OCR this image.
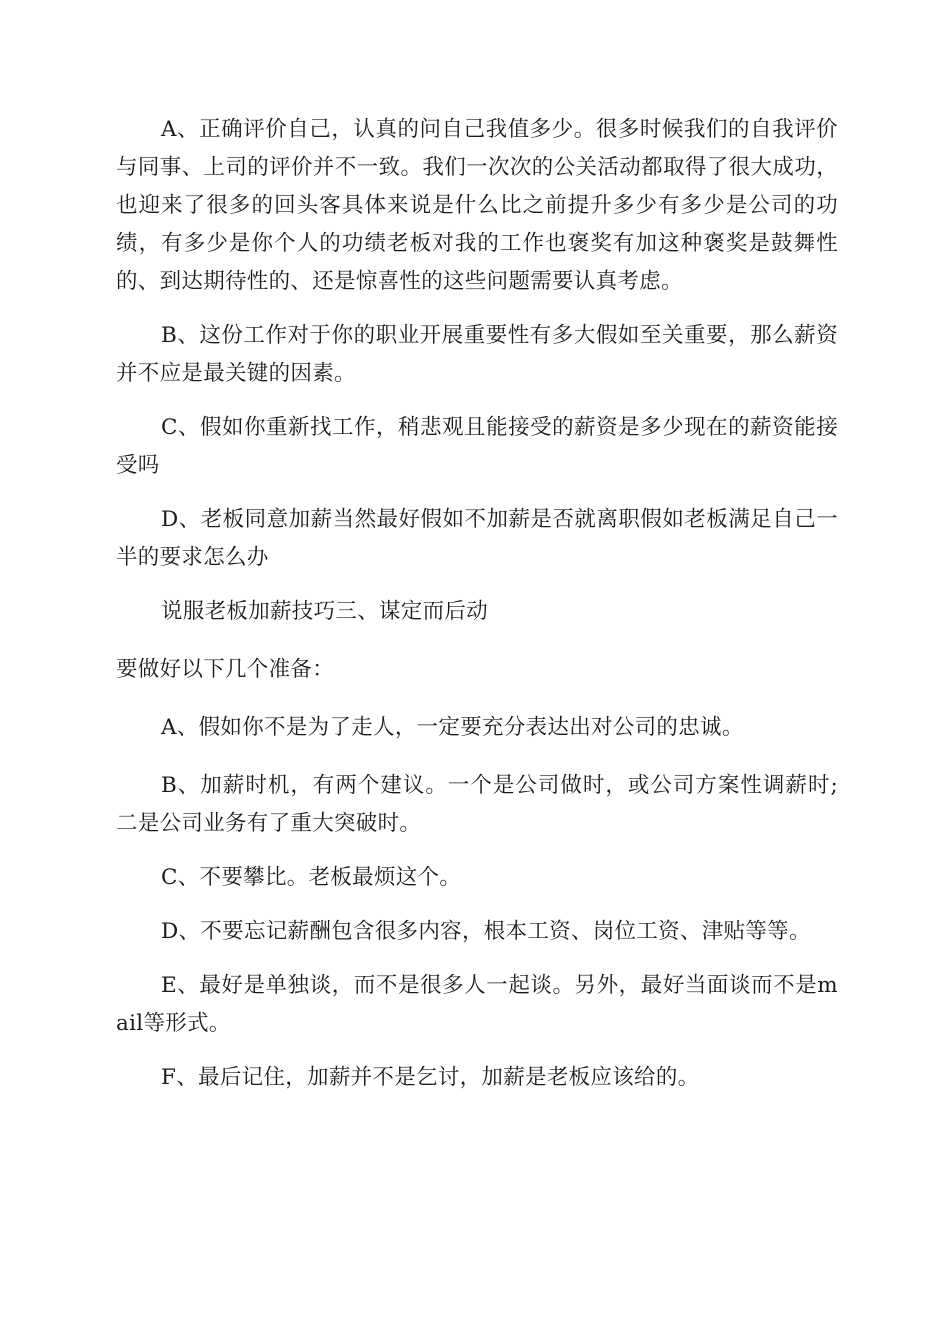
A、正确评价自己，认真的问自己我值多少。很多时候我们的自我评价与同事、上司的评价并不一致。我们一次次的公关活动都取得了很大成功，也迎来了很多的回头客具体来说是什么比之前提升多少有多少是公司的功绩，有多少是你个人的功绩老板对我的工作也褒奖有加这种褒奖是鼓舞性的、到达期待性的、还是惊喜性的这些问题需要认真考虑。

B、这份工作对于你的职业开展重要性有多大假如至关重要，那么薪资并不应是最关键的因素。

C、假如你重新找工作，稍悲观且能接受的薪资是多少现在的薪资能接受吗

D、老板同意加薪当然最好假如不加薪是否就离职假如老板满足自己一半的要求怎么办

说服老板加薪技巧三、谋定而后动

要做好以下几个准备：

A、假如你不是为了走人，一定要充分表达出对公司的忠诚。

B、加薪时机，有两个建议。一个是公司做时，或公司方案性调薪时;二是公司业务有了重大突破时。

C、不要攀比。老板最烦这个。

D、不要忘记薪酬包含很多内容，根本工资、岗位工资、津贴等等。

E、最好是单独谈，而不是很多人一起谈。另外，最好当面谈而不是mail等形式。

F、最后记住，加薪并不是乞讨，加薪是老板应该给的。
